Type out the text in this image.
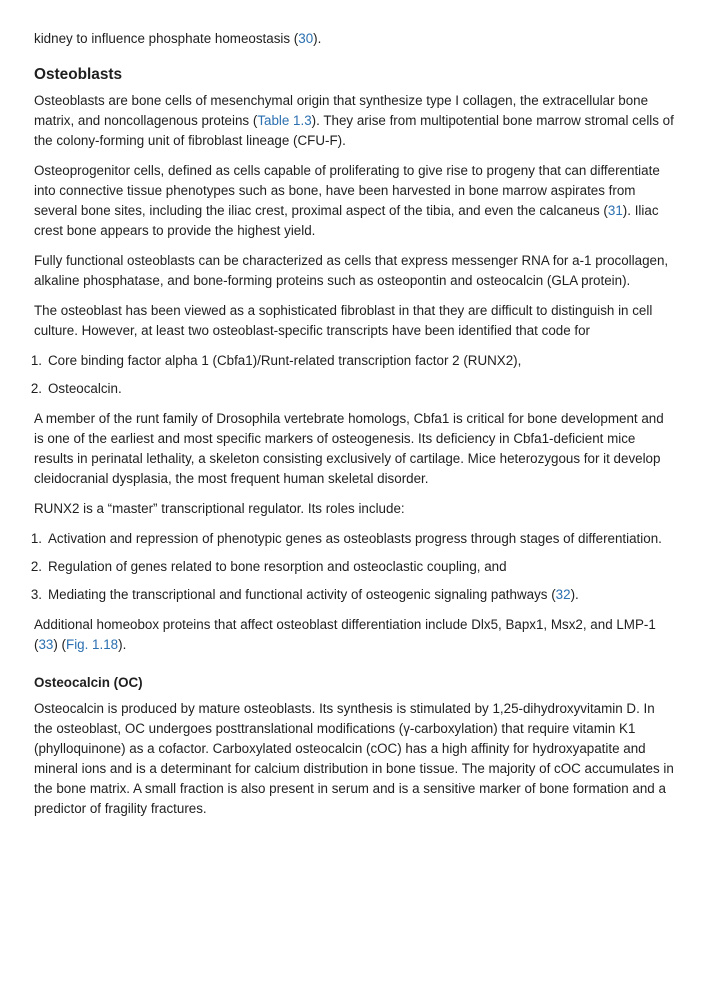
kidney to influence phosphate homeostasis (30).

Osteoblasts

Osteoblasts are bone cells of mesenchymal origin that synthesize type I collagen, the extracellular bone matrix, and noncollagenous proteins (Table 1.3). They arise from multipotential bone marrow stromal cells of the colony-forming unit of fibroblast lineage (CFU-F).

Osteoprogenitor cells, defined as cells capable of proliferating to give rise to progeny that can differentiate into connective tissue phenotypes such as bone, have been harvested in bone marrow aspirates from several bone sites, including the iliac crest, proximal aspect of the tibia, and even the calcaneus (31). Iliac crest bone appears to provide the highest yield.

Fully functional osteoblasts can be characterized as cells that express messenger RNA for a-1 procollagen, alkaline phosphatase, and bone-forming proteins such as osteopontin and osteocalcin (GLA protein).

The osteoblast has been viewed as a sophisticated fibroblast in that they are difficult to distinguish in cell culture. However, at least two osteoblast-specific transcripts have been identified that code for

1. Core binding factor alpha 1 (Cbfa1)/Runt-related transcription factor 2 (RUNX2),
2. Osteocalcin.

A member of the runt family of Drosophila vertebrate homologs, Cbfa1 is critical for bone development and is one of the earliest and most specific markers of osteogenesis. Its deficiency in Cbfa1-deficient mice results in perinatal lethality, a skeleton consisting exclusively of cartilage. Mice heterozygous for it develop cleidocranial dysplasia, the most frequent human skeletal disorder.

RUNX2 is a “master” transcriptional regulator. Its roles include:

1. Activation and repression of phenotypic genes as osteoblasts progress through stages of differentiation.
2. Regulation of genes related to bone resorption and osteoclastic coupling, and
3. Mediating the transcriptional and functional activity of osteogenic signaling pathways (32).

Additional homeobox proteins that affect osteoblast differentiation include Dlx5, Bapx1, Msx2, and LMP-1 (33) (Fig. 1.18).

Osteocalcin (OC)

Osteocalcin is produced by mature osteoblasts. Its synthesis is stimulated by 1,25-dihydroxyvitamin D. In the osteoblast, OC undergoes posttranslational modifications (γ-carboxylation) that require vitamin K1 (phylloquinone) as a cofactor. Carboxylated osteocalcin (cOC) has a high affinity for hydroxyapatite and mineral ions and is a determinant for calcium distribution in bone tissue. The majority of cOC accumulates in the bone matrix. A small fraction is also present in serum and is a sensitive marker of bone formation and a predictor of fragility fractures.
